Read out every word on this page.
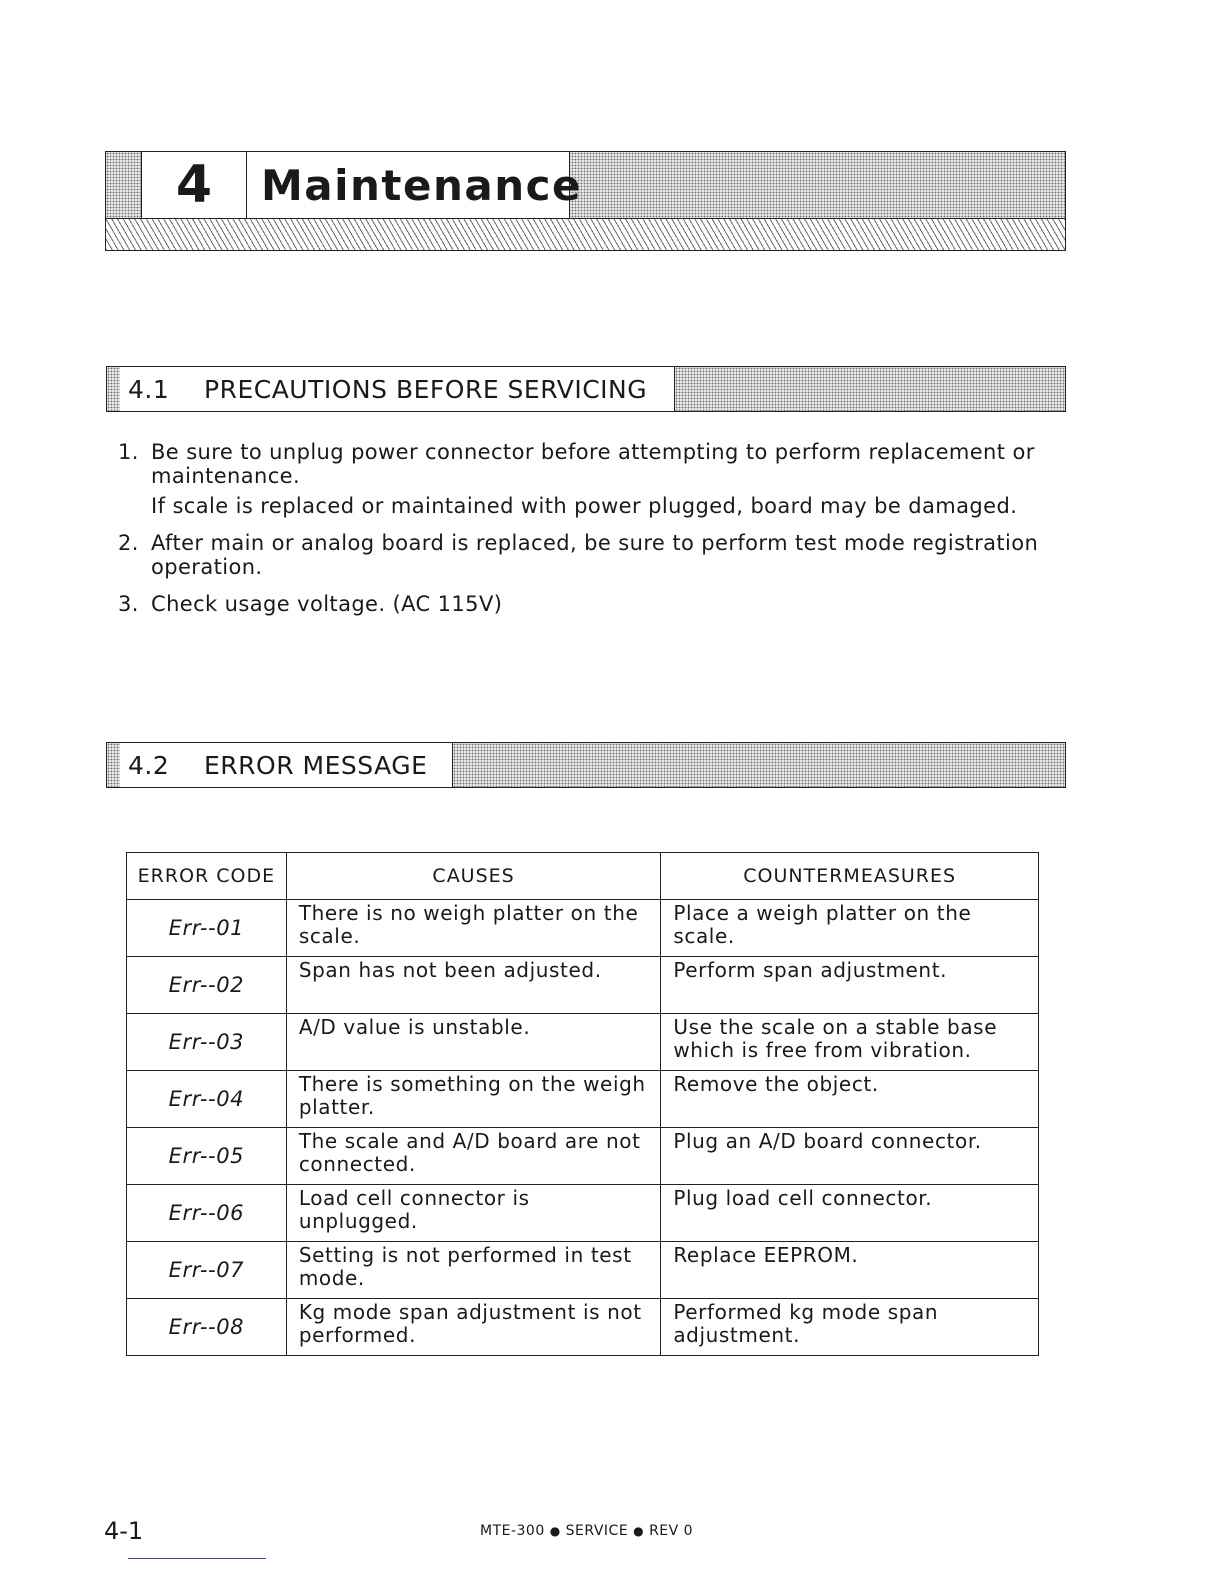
4	Maintenance
4.1	PRECAUTIONS BEFORE SERVICING
1. Be sure to unplug power connector before attempting to perform replacement or maintenance.
If scale is replaced or maintained with power plugged, board may be damaged.
2. After main or analog board is replaced, be sure to perform test mode registration operation.
3. Check usage voltage. (AC 115V)
4.2	ERROR MESSAGE
ERROR CODE	CAUSES	COUNTERMEASURES
Err--01	There is no weigh platter on the scale.	Place a weigh platter on the scale.
Err--02	Span has not been adjusted.	Perform span adjustment.
Err--03	A/D value is unstable.	Use the scale on a stable base which is free from vibration.
Err--04	There is something on the weigh platter.	Remove the object.
Err--05	The scale and A/D board are not connected.	Plug an A/D board connector.
Err--06	Load cell connector is unplugged.	Plug load cell connector.
Err--07	Setting is not performed in test mode.	Replace EEPROM.
Err--08	Kg mode span adjustment is not performed.	Performed kg mode span adjustment.
4-1	MTE-300 ● SERVICE ● REV 0
